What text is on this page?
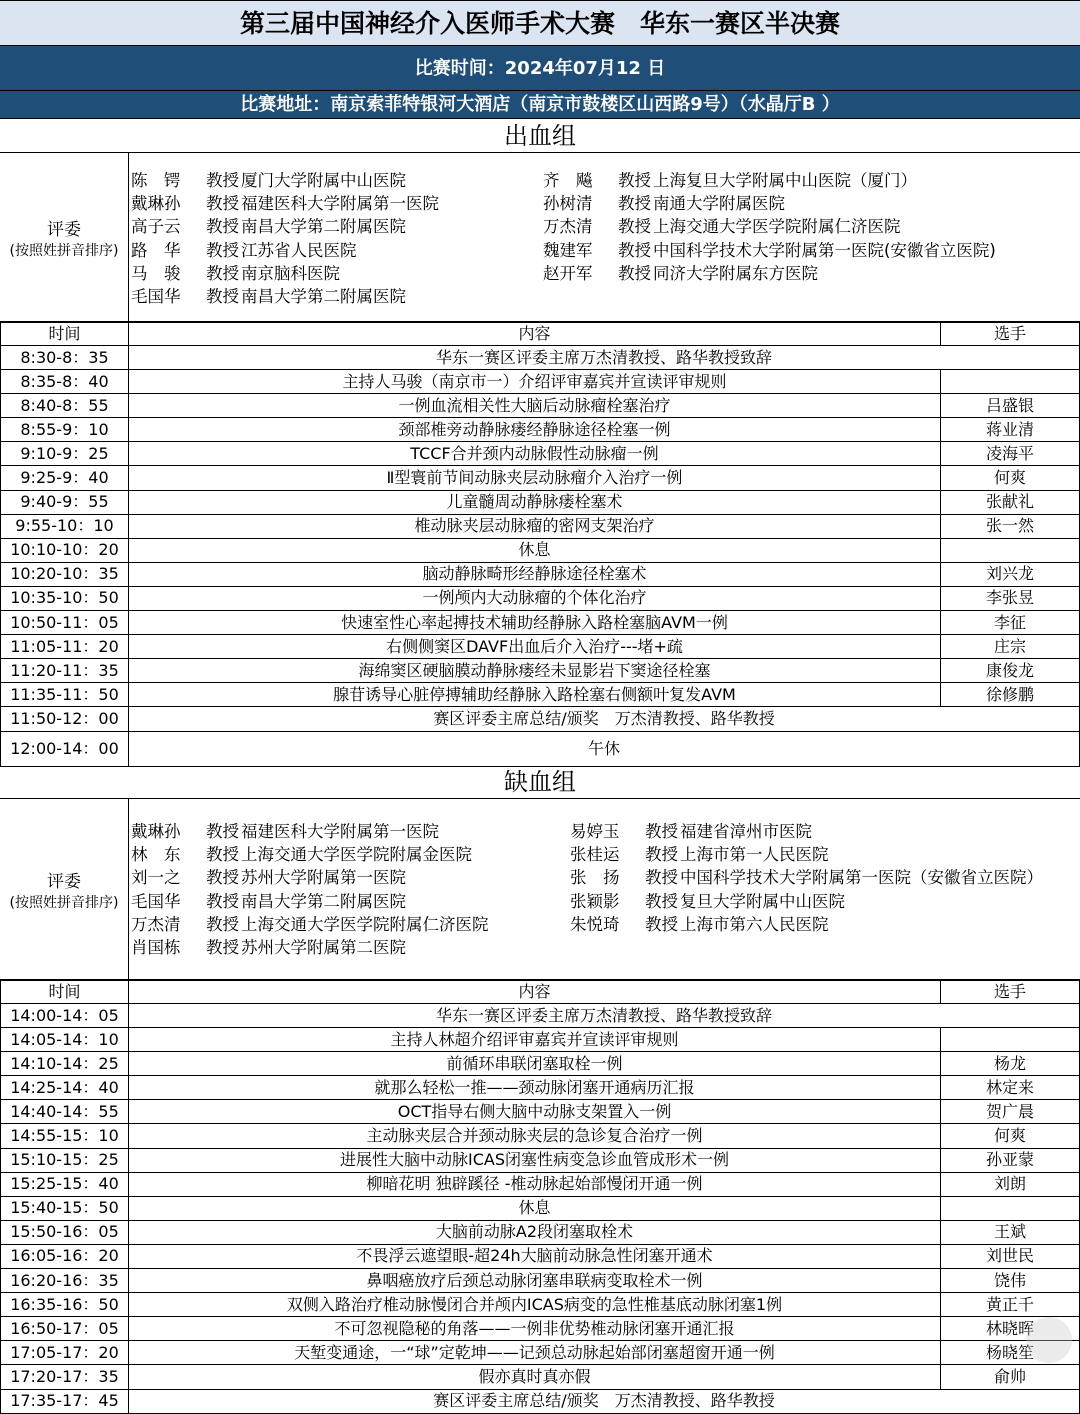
第三届中国神经介入医师手术大赛　华东一赛区半决赛
比赛时间：2024年07月12 日
比赛地址：南京索菲特银河大酒店（南京市鼓楼区山西路9号）（水晶厅B ）
出血组
评委
(按照姓拼音排序)
陈　锷 教授 厦门大学附属中山医院
戴琳孙 教授 福建医科大学附属第一医院
高子云 教授 南昌大学第二附属医院
路　华 教授 江苏省人民医院
马　骏 教授 南京脑科医院
毛国华 教授 南昌大学第二附属医院
齐　飚 教授 上海复旦大学附属中山医院（厦门）
孙树清 教授 南通大学附属医院
万杰清 教授 上海交通大学医学院附属仁济医院
魏建军 教授 中国科学技术大学附属第一医院(安徽省立医院)
赵开军 教授 同济大学附属东方医院
时间	内容	选手
8:30-8：35	华东一赛区评委主席万杰清教授、路华教授致辞	
8:35-8：40	主持人马骏（南京市一）介绍评审嘉宾并宣读评审规则	
8:40-8：55	一例血流相关性大脑后动脉瘤栓塞治疗	吕盛银
8:55-9：10	颈部椎旁动静脉瘘经静脉途径栓塞一例	蒋业清
9:10-9：25	TCCF合并颈内动脉假性动脉瘤一例	凌海平
9:25-9：40	Ⅱ型寰前节间动脉夹层动脉瘤介入治疗一例	何爽
9:40-9：55	儿童髓周动静脉瘘栓塞术	张献礼
9:55-10：10	椎动脉夹层动脉瘤的密网支架治疗	张一然
10:10-10：20	休息	
10:20-10：35	脑动静脉畸形经静脉途径栓塞术	刘兴龙
10:35-10：50	一例颅内大动脉瘤的个体化治疗	李张昱
10:50-11：05	快速室性心率起搏技术辅助经静脉入路栓塞脑AVM一例	李征
11:05-11：20	右侧侧窦区DAVF出血后介入治疗---堵+疏	庄宗
11:20-11：35	海绵窦区硬脑膜动静脉瘘经未显影岩下窦途径栓塞	康俊龙
11:35-11：50	腺苷诱导心脏停搏辅助经静脉入路栓塞右侧额叶复发AVM	徐修鹏
11:50-12：00	赛区评委主席总结/颁奖　万杰清教授、路华教授	
12:00-14：00	午休	
缺血组
评委
(按照姓拼音排序)
戴琳孙 教授 福建医科大学附属第一医院
林　东 教授 上海交通大学医学院附属金医院
刘一之 教授 苏州大学附属第一医院
毛国华 教授 南昌大学第二附属医院
万杰清 教授 上海交通大学医学院附属仁济医院
肖国栋 教授 苏州大学附属第二医院
易婷玉 教授 福建省漳州市医院
张桂运 教授 上海市第一人民医院
张　扬 教授 中国科学技术大学附属第一医院（安徽省立医院）
张颖影 教授 复旦大学附属中山医院
朱悦琦 教授 上海市第六人民医院
时间	内容	选手
14:00-14：05	华东一赛区评委主席万杰清教授、路华教授致辞	
14:05-14：10	主持人林超介绍评审嘉宾并宣读评审规则	
14:10-14：25	前循环串联闭塞取栓一例	杨龙
14:25-14：40	就那么轻松一推——颈动脉闭塞开通病历汇报	林定来
14:40-14：55	OCT指导右侧大脑中动脉支架置入一例	贺广晨
14:55-15：10	主动脉夹层合并颈动脉夹层的急诊复合治疗一例	何爽
15:10-15：25	进展性大脑中动脉ICAS闭塞性病变急诊血管成形术一例	孙亚蒙
15:25-15：40	柳暗花明 独辟蹊径 -椎动脉起始部慢闭开通一例	刘朗
15:40-15：50	休息	
15:50-16：05	大脑前动脉A2段闭塞取栓术	王斌
16:05-16：20	不畏浮云遮望眼-超24h大脑前动脉急性闭塞开通术	刘世民
16:20-16：35	鼻咽癌放疗后颈总动脉闭塞串联病变取栓术一例	饶伟
16:35-16：50	双侧入路治疗椎动脉慢闭合并颅内ICAS病变的急性椎基底动脉闭塞1例	黄正千
16:50-17：05	不可忽视隐秘的角落——一例非优势椎动脉闭塞开通汇报	林晓晖
17:05-17：20	天堑变通途，一“球”定乾坤——记颈总动脉起始部闭塞超窗开通一例	杨晓笙
17:20-17：35	假亦真时真亦假	俞帅
17:35-17：45	赛区评委主席总结/颁奖　万杰清教授、路华教授	
